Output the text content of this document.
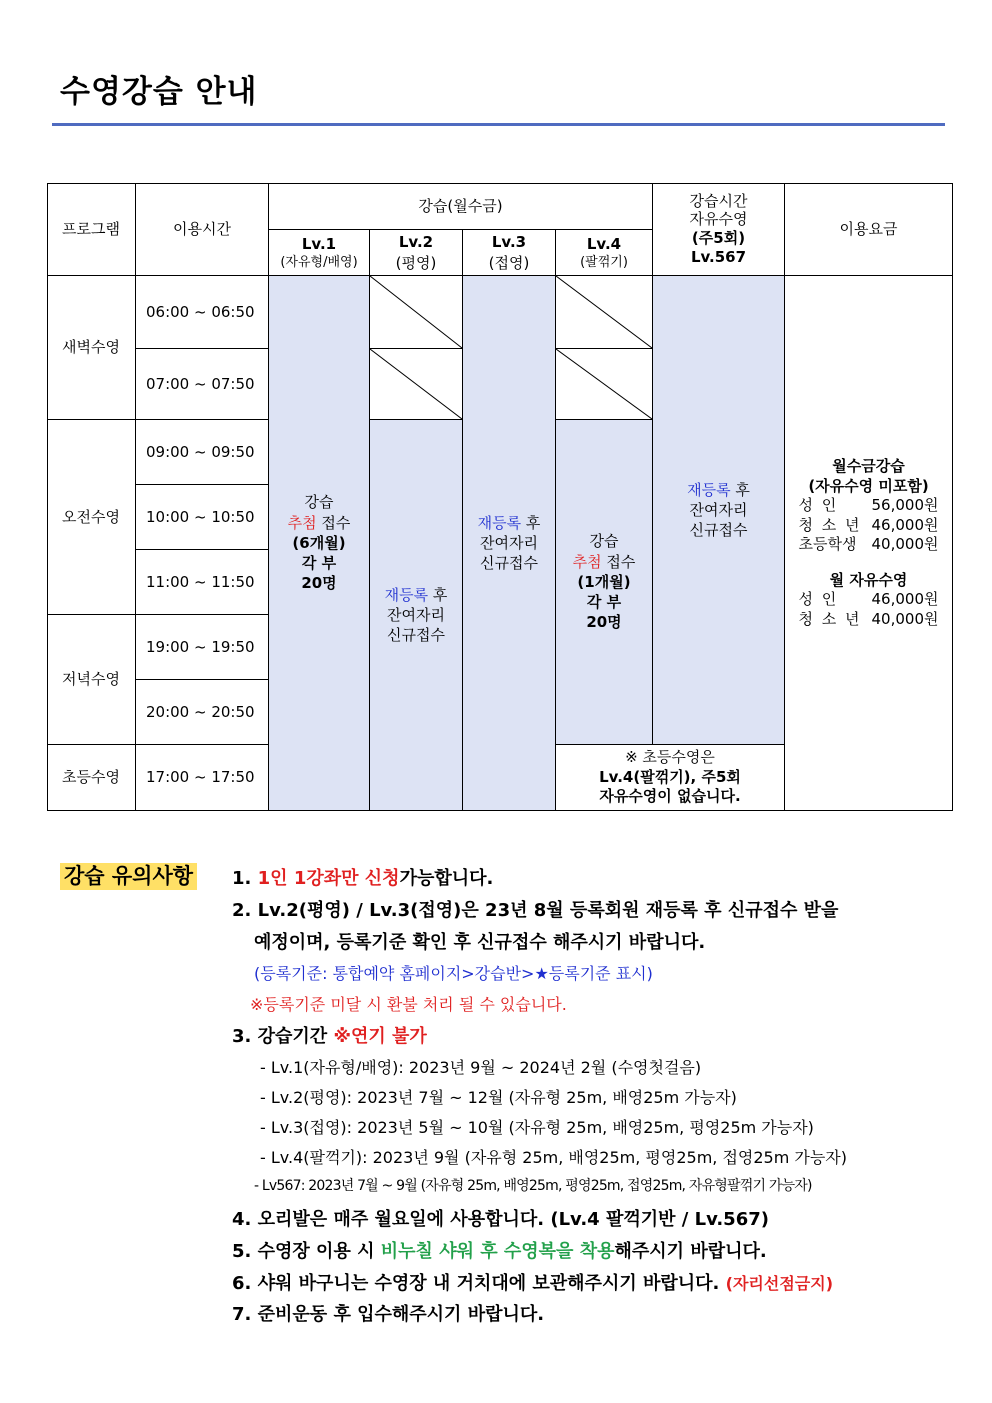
수영강습 안내
프로그램	이용시간
강습(월수금)
Lv.1
(자유형/배영)
Lv.2
(평영)
Lv.3
(접영)
Lv.4
(팔꺾기)
강습시간
자유수영
(주5회)
Lv.567
이용요금
새벽수영
오전수영
저녁수영
초등수영
06:00 ~ 06:50
07:00 ~ 07:50
09:00 ~ 09:50
10:00 ~ 10:50
11:00 ~ 11:50
19:00 ~ 19:50
20:00 ~ 20:50
17:00 ~ 17:50
강습
추첨 접수
(6개월)
각 부
20명
재등록 후
잔여자리
신규접수
재등록 후
잔여자리
신규접수
강습
추첨 접수
(1개월)
각 부
20명
재등록 후
잔여자리
신규접수
※ 초등수영은
Lv.4(팔꺾기), 주5회
자유수영이 없습니다.
월수금강습
(자유수영 미포함)
성 인 56,000원
청 소 년 46,000원
초등학생 40,000원
월 자유수영
성 인 46,000원
청 소 년 40,000원
강습 유의사항 1. 1인 1강좌만 신청가능합니다.
2. Lv.2(평영) / Lv.3(접영)은 23년 8월 등록회원 재등록 후 신규접수 받을
예정이며, 등록기준 확인 후 신규접수 해주시기 바랍니다.
(등록기준: 통합예약 홈페이지>강습반>★등록기준 표시)
※등록기준 미달 시 환불 처리 될 수 있습니다.
3. 강습기간 ※연기 불가
- Lv.1(자유형/배영): 2023년 9월 ~ 2024년 2월 (수영첫걸음)
- Lv.2(평영): 2023년 7월 ~ 12월 (자유형 25m, 배영25m 가능자)
- Lv.3(접영): 2023년 5월 ~ 10월 (자유형 25m, 배영25m, 평영25m 가능자)
- Lv.4(팔꺽기): 2023년 9월 (자유형 25m, 배영25m, 평영25m, 접영25m 가능자)
- Lv567: 2023년 7월 ~ 9월 (자유형 25m, 배영25m, 평영25m, 접영25m, 자유형팔꺾기 가능자)
4. 오리발은 매주 월요일에 사용합니다. (Lv.4 팔꺽기반 / Lv.567)
5. 수영장 이용 시 비누칠 샤워 후 수영복을 착용해주시기 바랍니다.
6. 샤워 바구니는 수영장 내 거치대에 보관해주시기 바랍니다. (자리선점금지)
7. 준비운동 후 입수해주시기 바랍니다.
